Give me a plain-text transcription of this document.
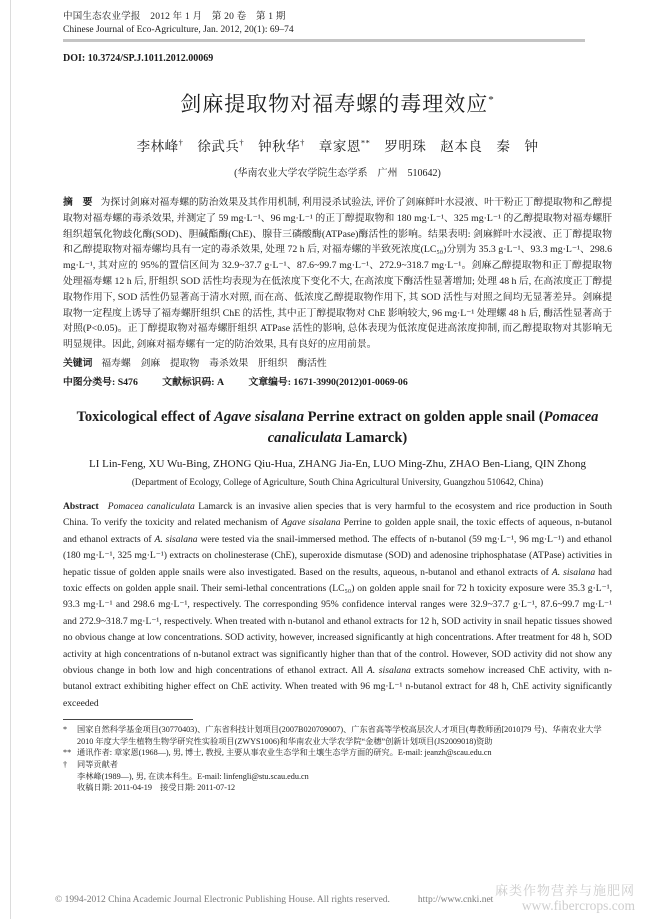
中国生态农业学报　2012 年 1 月　第 20 卷　第 1 期
Chinese Journal of Eco-Agriculture, Jan. 2012, 20(1): 69–74
DOI: 10.3724/SP.J.1011.2012.00069
剑麻提取物对福寿螺的毒理效应*
李林峰†　徐武兵†　钟秋华†　章家恩**　罗明珠　赵本良　秦　钟
(华南农业大学农学院生态学系　广州　510642)
摘　要 为探讨剑麻对福寿螺的防治效果及其作用机制, 利用浸杀试验法, 评价了剑麻鲜叶水浸液、叶干粉正丁醇提取物和乙醇提取物对福寿螺的毒杀效果, 并测定了 59 mg·L⁻¹、96 mg·L⁻¹ 的正丁醇提取物和 180 mg·L⁻¹、325 mg·L⁻¹ 的乙醇提取物对福寿螺肝组织超氧化物歧化酶(SOD)、胆碱酯酶(ChE)、腺苷三磷酸酶(ATPase)酶活性的影响。结果表明: 剑麻鲜叶水浸液、正丁醇提取物和乙醇提取物对福寿螺均具有一定的毒杀效果, 处理 72 h 后, 对福寿螺的半致死浓度(LC₅₀)分别为 35.3 g·L⁻¹、93.3 mg·L⁻¹、298.6 mg·L⁻¹, 其对应的 95%的置信区间为 32.9~37.7 g·L⁻¹、87.6~99.7 mg·L⁻¹、272.9~318.7 mg·L⁻¹。剑麻乙醇提取物和正丁醇提取物处理福寿螺 12 h 后, 肝组织 SOD 活性均表现为在低浓度下变化不大, 在高浓度下酶活性显著增加; 处理 48 h 后, 在高浓度正丁醇提取物作用下, SOD 活性仍显著高于清水对照, 而在高、低浓度乙醇提取物作用下, 其 SOD 活性与对照之间均无显著差异。剑麻提取物一定程度上诱导了福寿螺肝组织 ChE 的活性, 其中正丁醇提取物对 ChE 影响较大, 96 mg·L⁻¹ 处理螺 48 h 后, 酶活性显著高于对照(P<0.05)。正丁醇提取物对福寿螺肝组织 ATPase 活性的影响, 总体表现为低浓度促进高浓度抑制, 而乙醇提取物对其影响无明显规律。因此, 剑麻对福寿螺有一定的防治效果, 具有良好的应用前景。
关键词 福寿螺　剑麻　提取物　毒杀效果　肝组织　酶活性
中图分类号: S476 文献标识码: A 文章编号: 1671-3990(2012)01-0069-06
Toxicological effect of Agave sisalana Perrine extract on golden apple snail (Pomacea canaliculata Lamarck)
LI Lin-Feng, XU Wu-Bing, ZHONG Qiu-Hua, ZHANG Jia-En, LUO Ming-Zhu, ZHAO Ben-Liang, QIN Zhong
(Department of Ecology, College of Agriculture, South China Agricultural University, Guangzhou 510642, China)
Abstract Pomacea canaliculata Lamarck is an invasive alien species that is very harmful to the ecosystem and rice production in South China. To verify the toxicity and related mechanism of Agave sisalana Perrine to golden apple snail, the toxic effects of aqueous, n-butanol and ethanol extracts of A. sisalana were tested via the snail-immersed method. The effects of n-butanol (59 mg·L⁻¹, 96 mg·L⁻¹) and ethanol (180 mg·L⁻¹, 325 mg·L⁻¹) extracts on cholinesterase (ChE), superoxide dismutase (SOD) and adenosine triphosphatase (ATPase) activities in hepatic tissue of golden apple snails were also investigated. Based on the results, aqueous, n-butanol and ethanol extracts of A. sisalana had toxic effects on golden apple snail. Their semi-lethal concentrations (LC₅₀) on golden apple snail for 72 h toxicity exposure were 35.3 g·L⁻¹, 93.3 mg·L⁻¹ and 298.6 mg·L⁻¹, respectively. The corresponding 95% confidence interval ranges were 32.9~37.7 g·L⁻¹, 87.6~99.7 mg·L⁻¹ and 272.9~318.7 mg·L⁻¹, respectively. When treated with n-butanol and ethanol extracts for 12 h, SOD activity in snail hepatic tissues showed no obvious change at low concentrations. SOD activity, however, increased significantly at high concentrations. After treatment for 48 h, SOD activity at high concentrations of n-butanol extract was significantly higher than that of the control. However, SOD activity did not show any obvious change in both low and high concentrations of ethanol extract. All A. sisalana extracts somehow increased ChE activity, with n-butanol extract exhibiting higher effect on ChE activity. When treated with 96 mg·L⁻¹ n-butanol extract for 48 h, ChE activity significantly exceeded
* 国家自然科学基金项目(30770403)、广东省科技计划项目(2007B020709007)、广东省高等学校高层次人才项目(粤教师函[2010]79 号)、华南农业大学 2010 年度大学生植物生物学研究性实验项目(ZWYS1006)和华南农业大学农学院“金穗”创新计划项目(JS2009018)资助
** 通讯作者: 章家恩(1968—), 男, 博士, 教授, 主要从事农业生态学和土壤生态学方面的研究。E-mail: jeanzh@scau.edu.cn
† 同等贡献者
李林峰(1989—), 男, 在读本科生。E-mail: linfengli@stu.scau.edu.cn
收稿日期: 2011-04-19　接受日期: 2011-07-12
© 1994-2012 China Academic Journal Electronic Publishing House. All rights reserved.	http://www.cnki.net
麻类作物营养与施肥网
www.fibercrops.com
